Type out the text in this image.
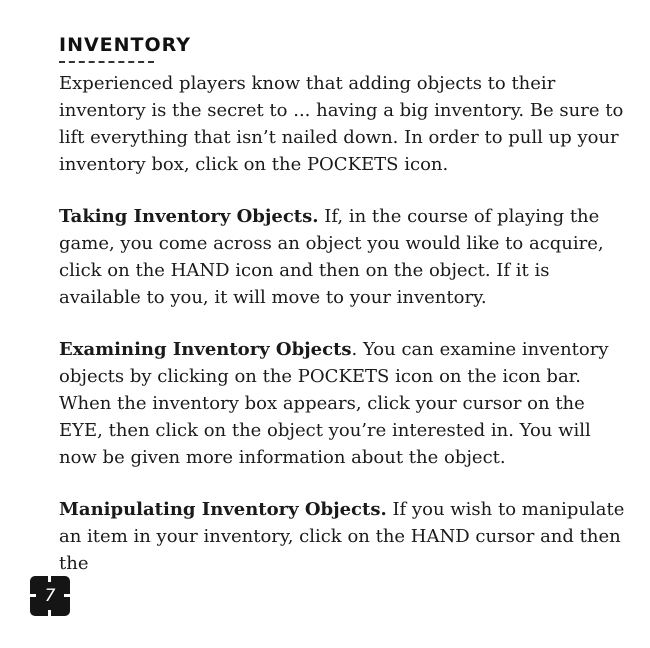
INVENTORY

Experienced players know that adding objects to their inventory is the secret to ... having a big inventory. Be sure to lift everything that isn’t nailed down. In order to pull up your inventory box, click on the POCKETS icon.

Taking Inventory Objects. If, in the course of playing the game, you come across an object you would like to acquire, click on the HAND icon and then on the object. If it is available to you, it will move to your inventory.

Examining Inventory Objects. You can examine inventory objects by clicking on the POCKETS icon on the icon bar. When the inventory box appears, click your cursor on the EYE, then click on the object you’re interested in. You will now be given more information about the object.

Manipulating Inventory Objects. If you wish to manipulate an item in your inventory, click on the HAND cursor and then the

7
